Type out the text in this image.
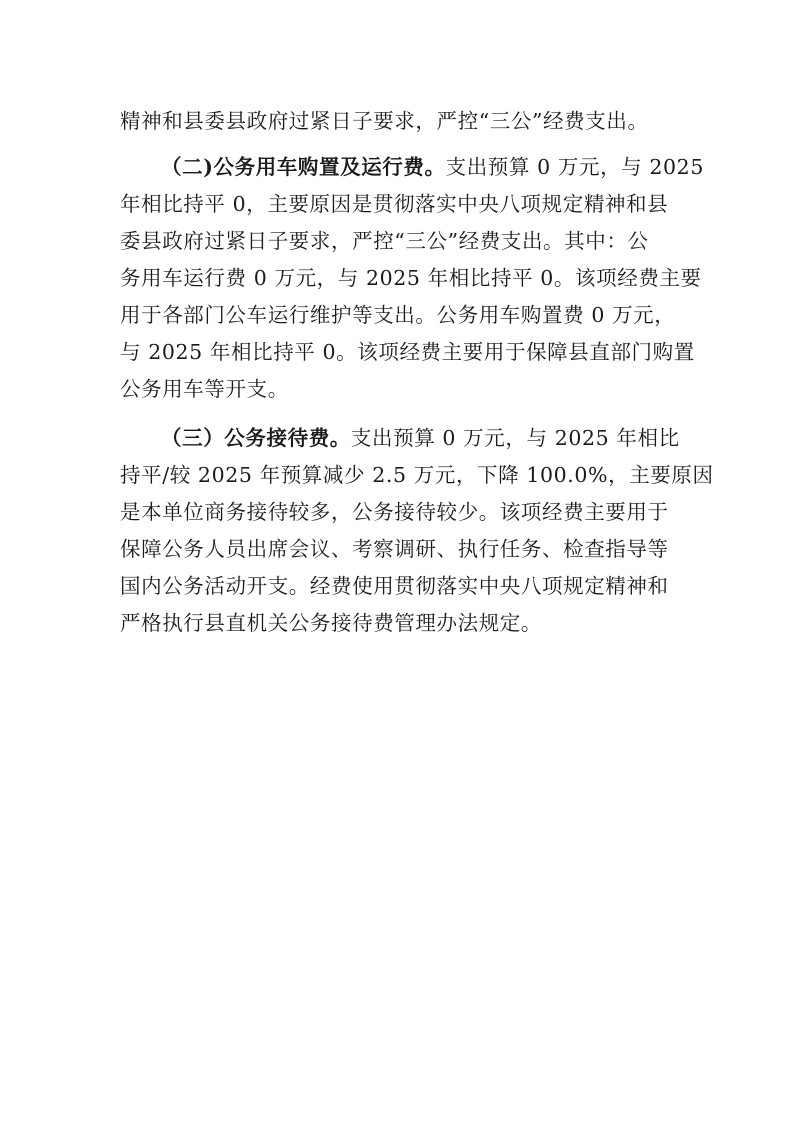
精神和县委县政府过紧日子要求，严控“三公”经费支出。
（二)公务用车购置及运行费。支出预算 0 万元，与 2025
年相比持平 0，主要原因是贯彻落实中央八项规定精神和县
委县政府过紧日子要求，严控“三公”经费支出。其中：公
务用车运行费 0 万元，与 2025 年相比持平 0。该项经费主要
用于各部门公车运行维护等支出。公务用车购置费 0 万元，
与 2025 年相比持平 0。该项经费主要用于保障县直部门购置
公务用车等开支。
（三）公务接待费。支出预算 0 万元，与 2025 年相比
持平/较 2025 年预算减少 2.5 万元，下降 100.0%，主要原因
是本单位商务接待较多，公务接待较少。该项经费主要用于
保障公务人员出席会议、考察调研、执行任务、检查指导等
国内公务活动开支。经费使用贯彻落实中央八项规定精神和
严格执行县直机关公务接待费管理办法规定。
